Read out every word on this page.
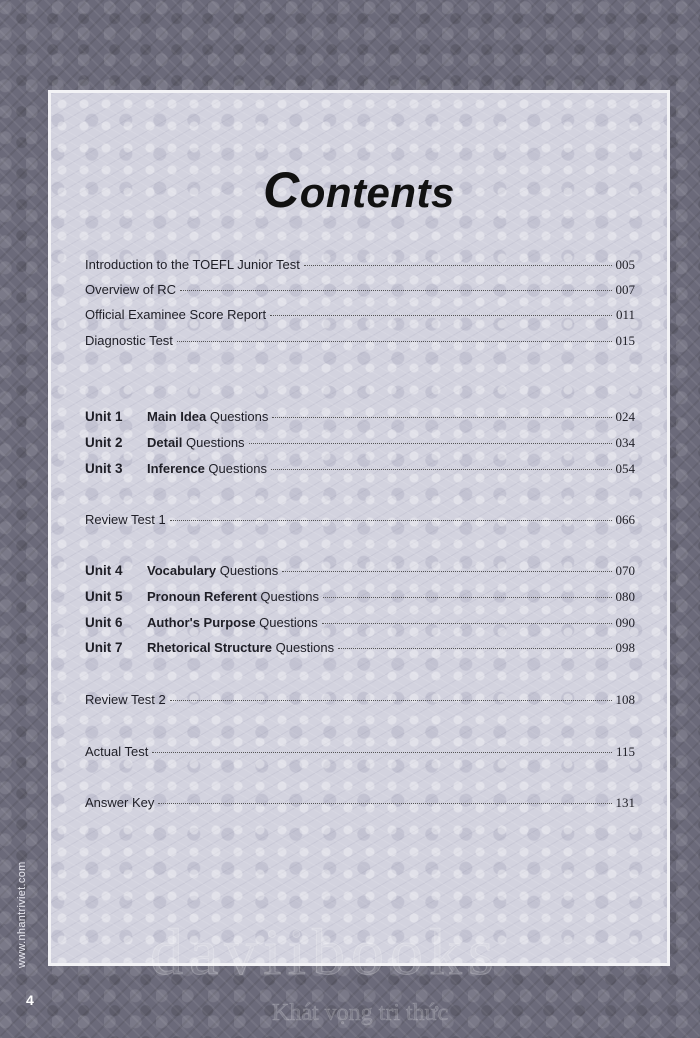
Contents
Introduction to the TOEFL Junior Test	005
Overview of RC	007
Official Examinee Score Report	011
Diagnostic Test	015
Unit 1	Main Idea Questions	024
Unit 2	Detail Questions	034
Unit 3	Inference Questions	054
Review Test 1	066
Unit 4	Vocabulary Questions	070
Unit 5	Pronoun Referent Questions	080
Unit 6	Author's Purpose Questions	090
Unit 7	Rhetorical Structure Questions	098
Review Test 2	108
Actual Test	115
Answer Key	131
www.nhantriviet.com
4
daviibooks
Khát vọng tri thức
